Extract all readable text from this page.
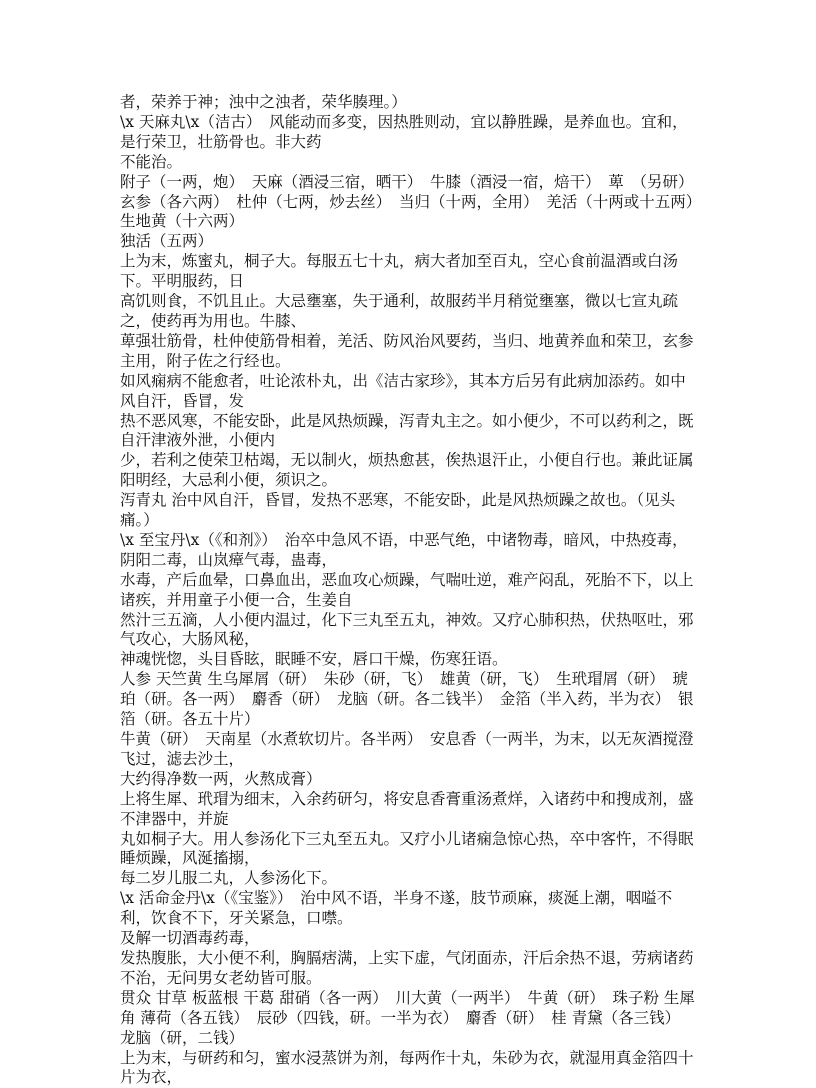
者，荣养于神；浊中之浊者，荣华腠理。）

\x 天麻丸\x（洁古）　风能动而多变，因热胜则动，宜以静胜躁，是养血也。宜和，是行荣卫，壮筋骨也。非大药

不能治。

附子（一两，炮）　天麻（酒浸三宿，晒干）　牛膝（酒浸一宿，焙干）　萆　（另研）　玄参（各六两）　杜仲（七两，炒去丝）　当归（十两，全用）　羌活（十两或十五两）　生地黄（十六两）

独活（五两）

上为末，炼蜜丸，桐子大。每服五七十丸，病大者加至百丸，空心食前温酒或白汤下。平明服药，日

高饥则食，不饥且止。大忌壅塞，失于通利，故服药半月稍觉壅塞，微以七宣丸疏之，使药再为用也。牛膝、

萆强壮筋骨，杜仲使筋骨相着，羌活、防风治风要药，当归、地黄养血和荣卫，玄参主用，附子佐之行经也。

如风痫病不能愈者，吐论浓朴丸，出《洁古家珍》，其本方后另有此病加添药。如中风自汗，昏冒，发

热不恶风寒，不能安卧，此是风热烦躁，泻青丸主之。如小便少，不可以药利之，既自汗津液外泄，小便内

少，若利之使荣卫枯竭，无以制火，烦热愈甚，俟热退汗止，小便自行也。兼此证属阳明经，大忌利小便，须识之。

泻青丸 治中风自汗，昏冒，发热不恶寒，不能安卧，此是风热烦躁之故也。（见头痛。）

\x 至宝丹\x（《和剂》）　治卒中急风不语，中恶气绝，中诸物毒，暗风，中热疫毒，阴阳二毒，山岚瘴气毒，蛊毒，

水毒，产后血晕，口鼻血出，恶血攻心烦躁，气喘吐逆，难产闷乱，死胎不下，以上诸疾，并用童子小便一合，生姜自

然汁三五滴，人小便内温过，化下三丸至五丸，神效。又疗心肺积热，伏热呕吐，邪气攻心，大肠风秘，

神魂恍惚，头目昏眩，眠睡不安，唇口干燥，伤寒狂语。

人参 天竺黄 生乌犀屑（研）　朱砂（研，飞）　雄黄（研，飞）　生玳瑁屑（研）　琥珀（研。各一两）　麝香（研）　龙脑（研。各二钱半）　金箔（半入药，半为衣）　银箔（研。各五十片）

牛黄（研）　天南星（水煮软切片。各半两）　安息香（一两半，为末，以无灰酒搅澄飞过，滤去沙土，

大约得净数一两，火熬成膏）

上将生犀、玳瑁为细末，入余药研匀，将安息香膏重汤煮烊，入诸药中和搜成剂，盛不津器中，并旋

丸如桐子大。用人参汤化下三丸至五丸。又疗小儿诸痫急惊心热，卒中客忤，不得眠睡烦躁，风涎搐搦，

每二岁儿服二丸，人参汤化下。

\x 活命金丹\x（《宝鉴》）　治中风不语，半身不遂，肢节顽麻，痰涎上潮，咽嗌不利，饮食不下，牙关紧急，口噤。

及解一切酒毒药毒，

发热腹胀，大小便不利，胸膈痞满，上实下虚，气闭面赤，汗后余热不退，劳病诸药不治，无问男女老幼皆可服。

贯众 甘草 板蓝根 干葛 甜硝（各一两）　川大黄（一两半）　牛黄（研）　珠子粉 生犀角 薄荷（各五钱）　辰砂（四钱，研。一半为衣）　麝香（研）　桂 青黛（各三钱）　龙脑（研，二钱）

上为末，与研药和匀，蜜水浸蒸饼为剂，每两作十丸，朱砂为衣，就湿用真金箔四十片为衣，
